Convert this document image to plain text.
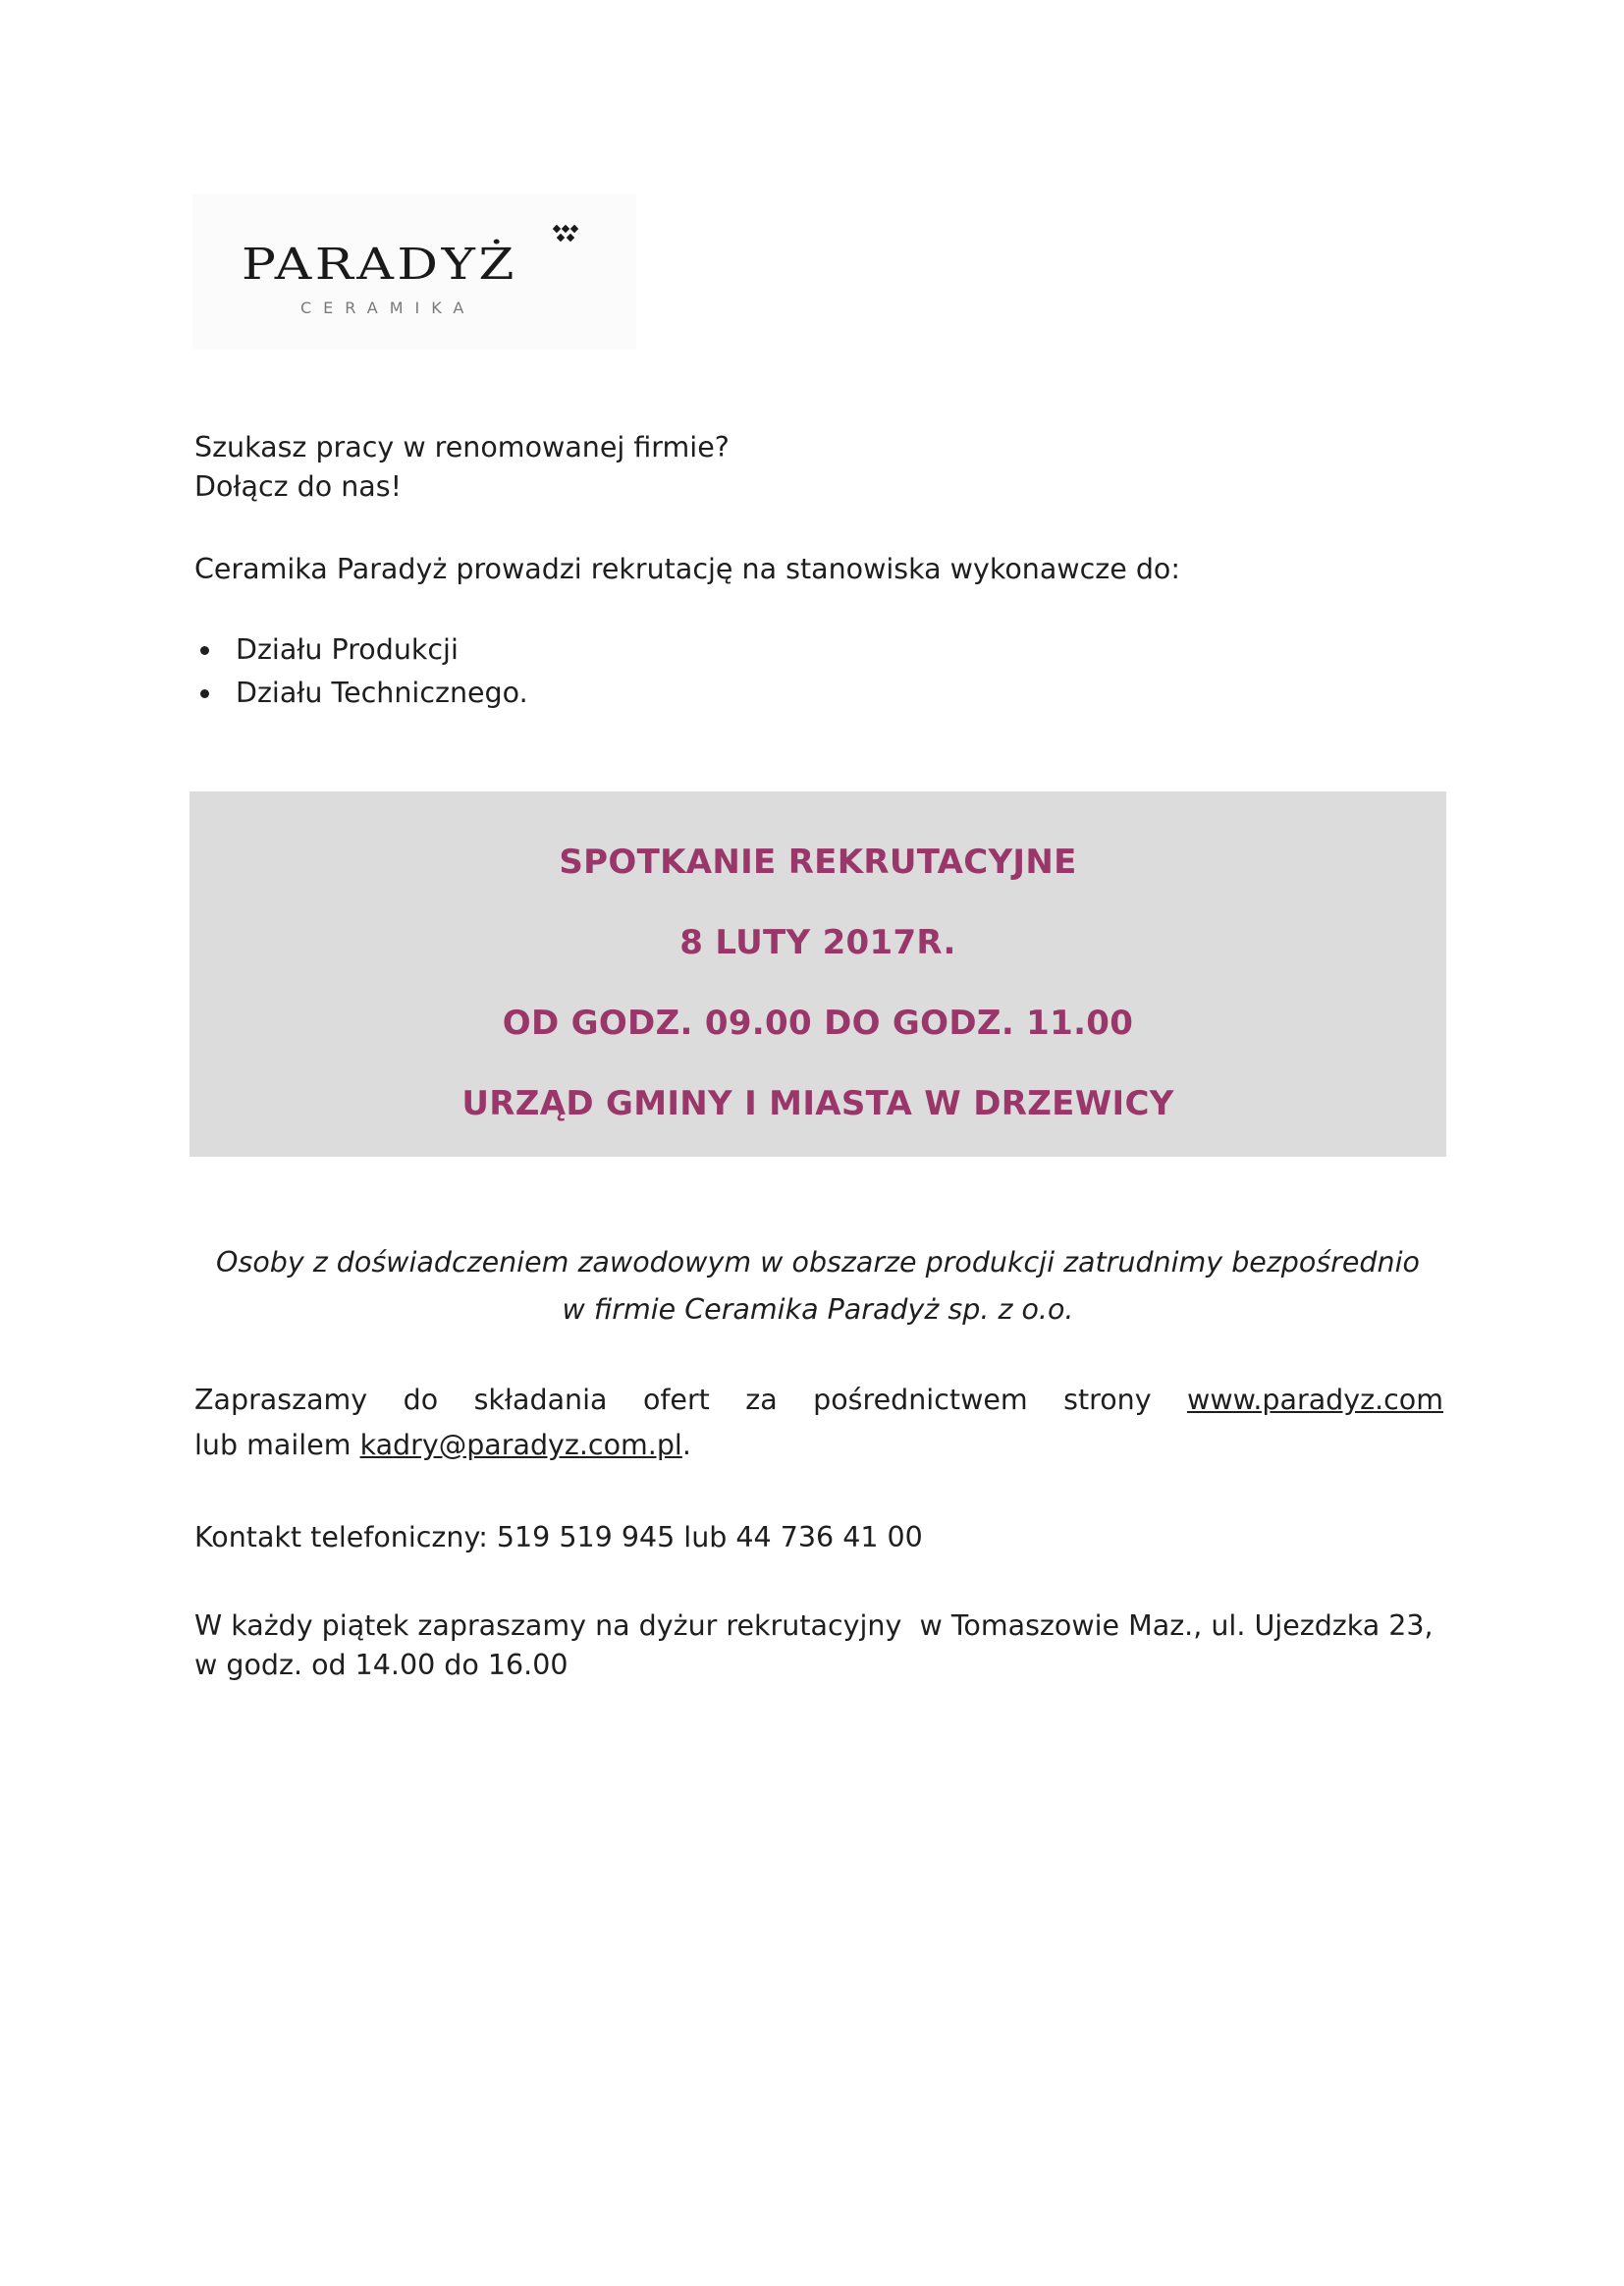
PARADYŻ
CERAMIKA

Szukasz pracy w renomowanej firmie?

Dołącz do nas!

Ceramika Paradyż prowadzi rekrutację na stanowiska wykonawcze do:

Działu Produkcji
Działu Technicznego.
SPOTKANIE REKRUTACYJNE
8 LUTY 2017R.
OD GODZ. 09.00 DO GODZ. 11.00
URZĄD GMINY I MIASTA W DRZEWICY
Osoby z doświadczeniem zawodowym w obszarze produkcji zatrudnimy bezpośrednio
w firmie Ceramika Paradyż sp. z o.o.
Zapraszamy do składania ofert za pośrednictwem strony www.paradyz.com

lub mailem kadry@paradyz.com.pl.

Kontakt telefoniczny: 519 519 945 lub 44 736 41 00

W każdy piątek zapraszamy na dyżur rekrutacyjny  w Tomaszowie Maz., ul. Ujezdzka 23,

w godz. od 14.00 do 16.00
